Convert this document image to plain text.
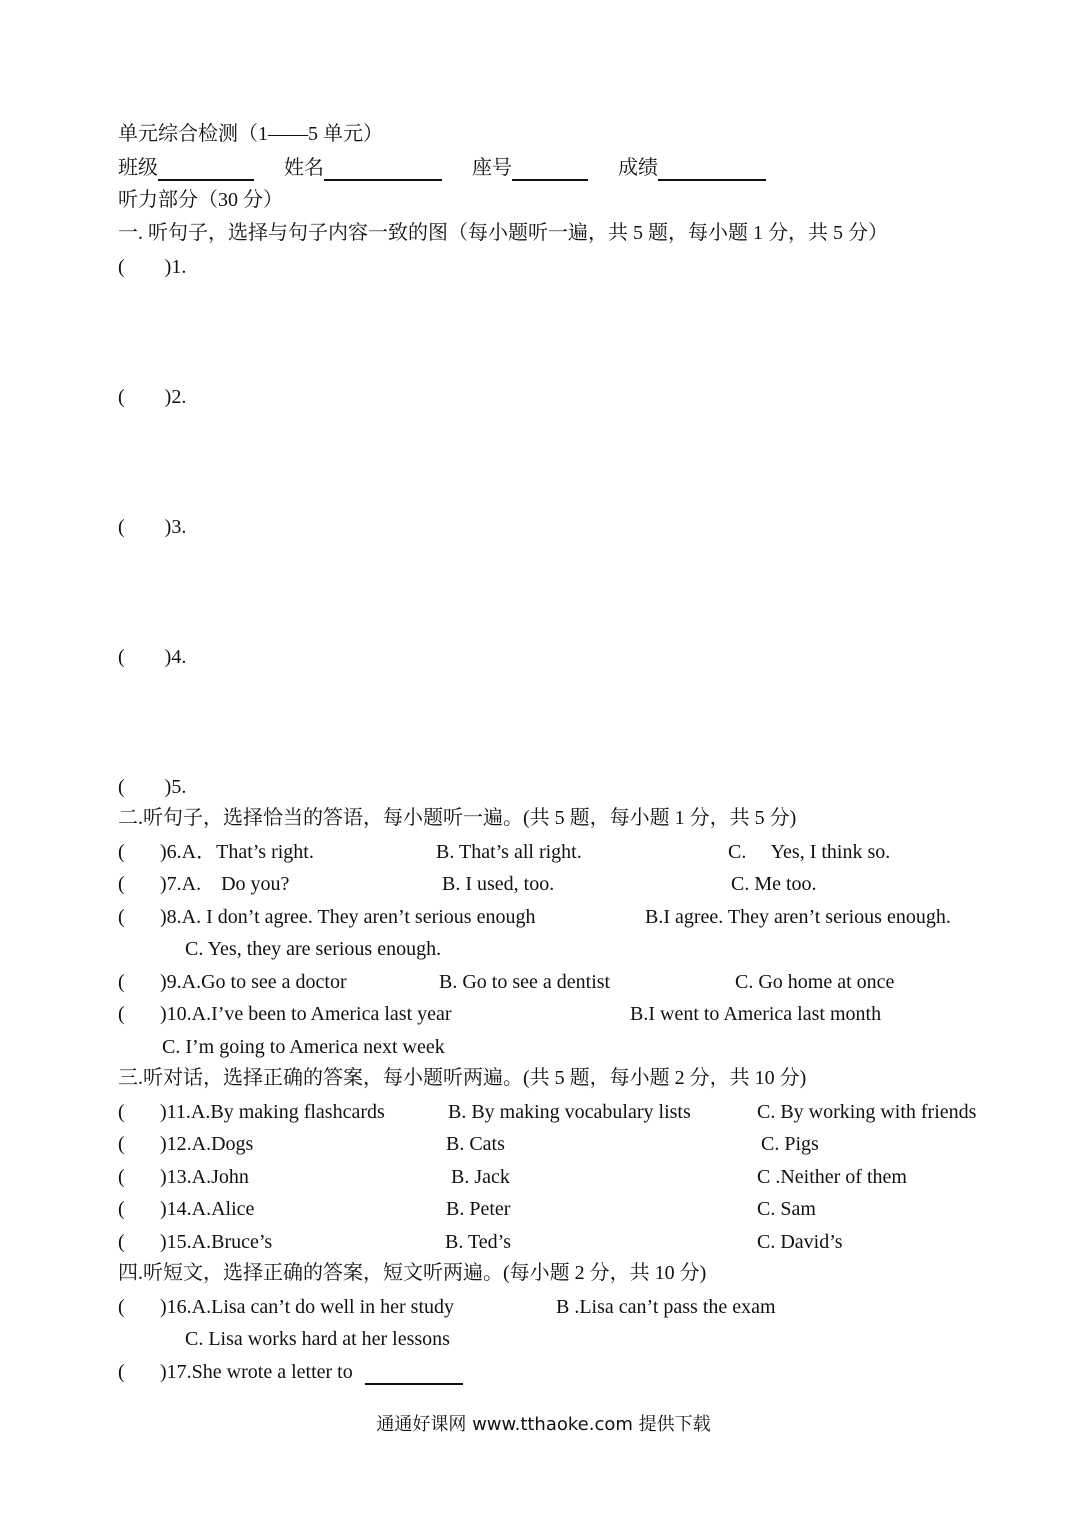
单元综合检测（1——5 单元）
班级	姓名	座号	成绩
听力部分（30 分）
一. 听句子，选择与句子内容一致的图（每小题听一遍，共 5 题，每小题 1 分，共 5 分）
(　　)1.
(　　)2.
(　　)3.
(　　)4.
(　　)5.
二.听句子，选择恰当的答语，每小题听一遍。(共 5 题，每小题 1 分，共 5 分)
( )6.A．That’s right.	B. That’s all right.	C.　 Yes, I think so.
( )7.A.　Do you?	B. I used, too.	C. Me too.
( )8.A. I don’t agree. They aren’t serious enough	B.I agree. They aren’t serious enough.
C. Yes, they are serious enough.
( )9.A.Go to see a doctor	B. Go to see a dentist	C. Go home at once
( )10.A.I’ve been to America last year	B.I went to America last month
C. I’m going to America next week
三.听对话，选择正确的答案，每小题听两遍。(共 5 题，每小题 2 分，共 10 分)
( )11.A.By making flashcards	B. By making vocabulary lists	C. By working with friends
( )12.A.Dogs	B. Cats	C. Pigs
( )13.A.John	B. Jack	C .Neither of them
( )14.A.Alice	B. Peter	C. Sam
( )15.A.Bruce’s	B. Ted’s	C. David’s
四.听短文，选择正确的答案，短文听两遍。(每小题 2 分，共 10 分)
( )16.A.Lisa can’t do well in her study	B .Lisa can’t pass the exam
C. Lisa works hard at her lessons
( )17.She wrote a letter to
通通好课网 www.tthaoke.com 提供下载
